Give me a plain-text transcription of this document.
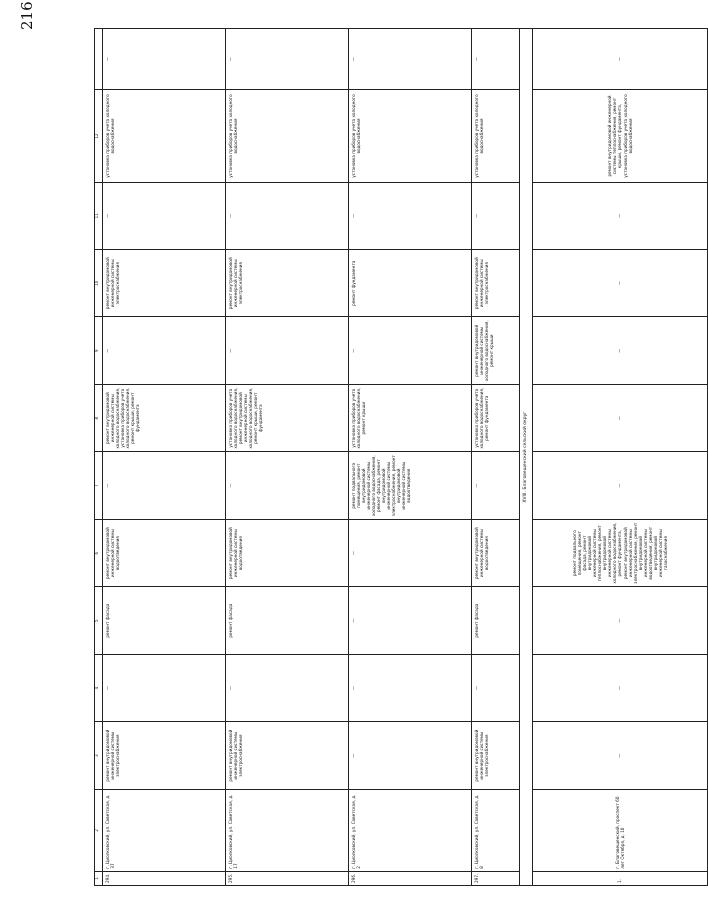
216
1	2	3	4	5	6	7	8	9	10	11	12	
294.	г. Циолковский, ул. Советская, д. 37	ремонт внутридомовой инженерной системы электроснабжения	—	ремонт фасада	ремонт внутридомовой инженерной системы водоотведения	—	ремонт внутридомовой инженерной системы холодного водоснабжения, установка приборов учета холодного водоснабжения, ремонт крыши, ремонт фундамента	—	ремонт внутридомовой инженерной системы электроснабжения	—	установка приборов учета холодного водоснабжения	—
295.	г. Циолковский, ул. Советская, д. 17	ремонт внутридомовой инженерной системы электроснабжения	—	ремонт фасада	ремонт внутридомовой инженерной системы водоотведения	—	установка приборов учета холодного водоснабжения, ремонт внутридомовой инженерной системы холодного водоснабжения, ремонт крыши, ремонт фундамента	—	ремонт внутридомовой инженерной системы электроснабжения	—	установка приборов учета холодного водоснабжения	—
296.	г. Циолковский, ул. Советская, д. 2	—	—	—	—	ремонт подвального помещения, ремонт внутридомовой инженерной системы холодного водоснабжения, ремонт фасада, ремонт внутридомовой инженерной системы электроснабжения, ремонт внутридомовой инженерной системы водоотведения	установка приборов учета холодного водоснабжения, ремонт крыши	—	ремонт фундамента	—	установка приборов учета холодного водоснабжения	—
297.	г. Циолковский, ул. Советская, д. 8	ремонт внутридомовой инженерной системы электроснабжения	—	ремонт фасада	ремонт внутридомовой инженерной системы водоотведения	—	установка приборов учета холодного водоснабжения, ремонт фундамента	ремонт внутридомовой инженерной системы холодного водоснабжения, ремонт крыши	ремонт внутридомовой инженерной системы электроснабжения	—	установка приборов учета холодного водоснабжения	—
XVIII. Благовещенский сельский округ												
1.	г. Благовещенский, проспект 60 лет Октября, д. 10	—	—	—	ремонт подвального помещения, ремонт фасада, ремонт внутридомовой инженерной системы теплоснабжения, ремонт внутридомовой инженерной системы холодного водоснабжения, ремонт фундамента, ремонт внутридомовой инженерной системы электроснабжения, ремонт внутридомовой инженерной системы водоотведения, ремонт внутридомовой инженерной системы газоснабжения	—	—	—	—	—	ремонт внутридомовой инженерной системы теплоснабжения, ремонт крыши, ремонт фундамента, установка приборов учета холодного водоснабжения	—
